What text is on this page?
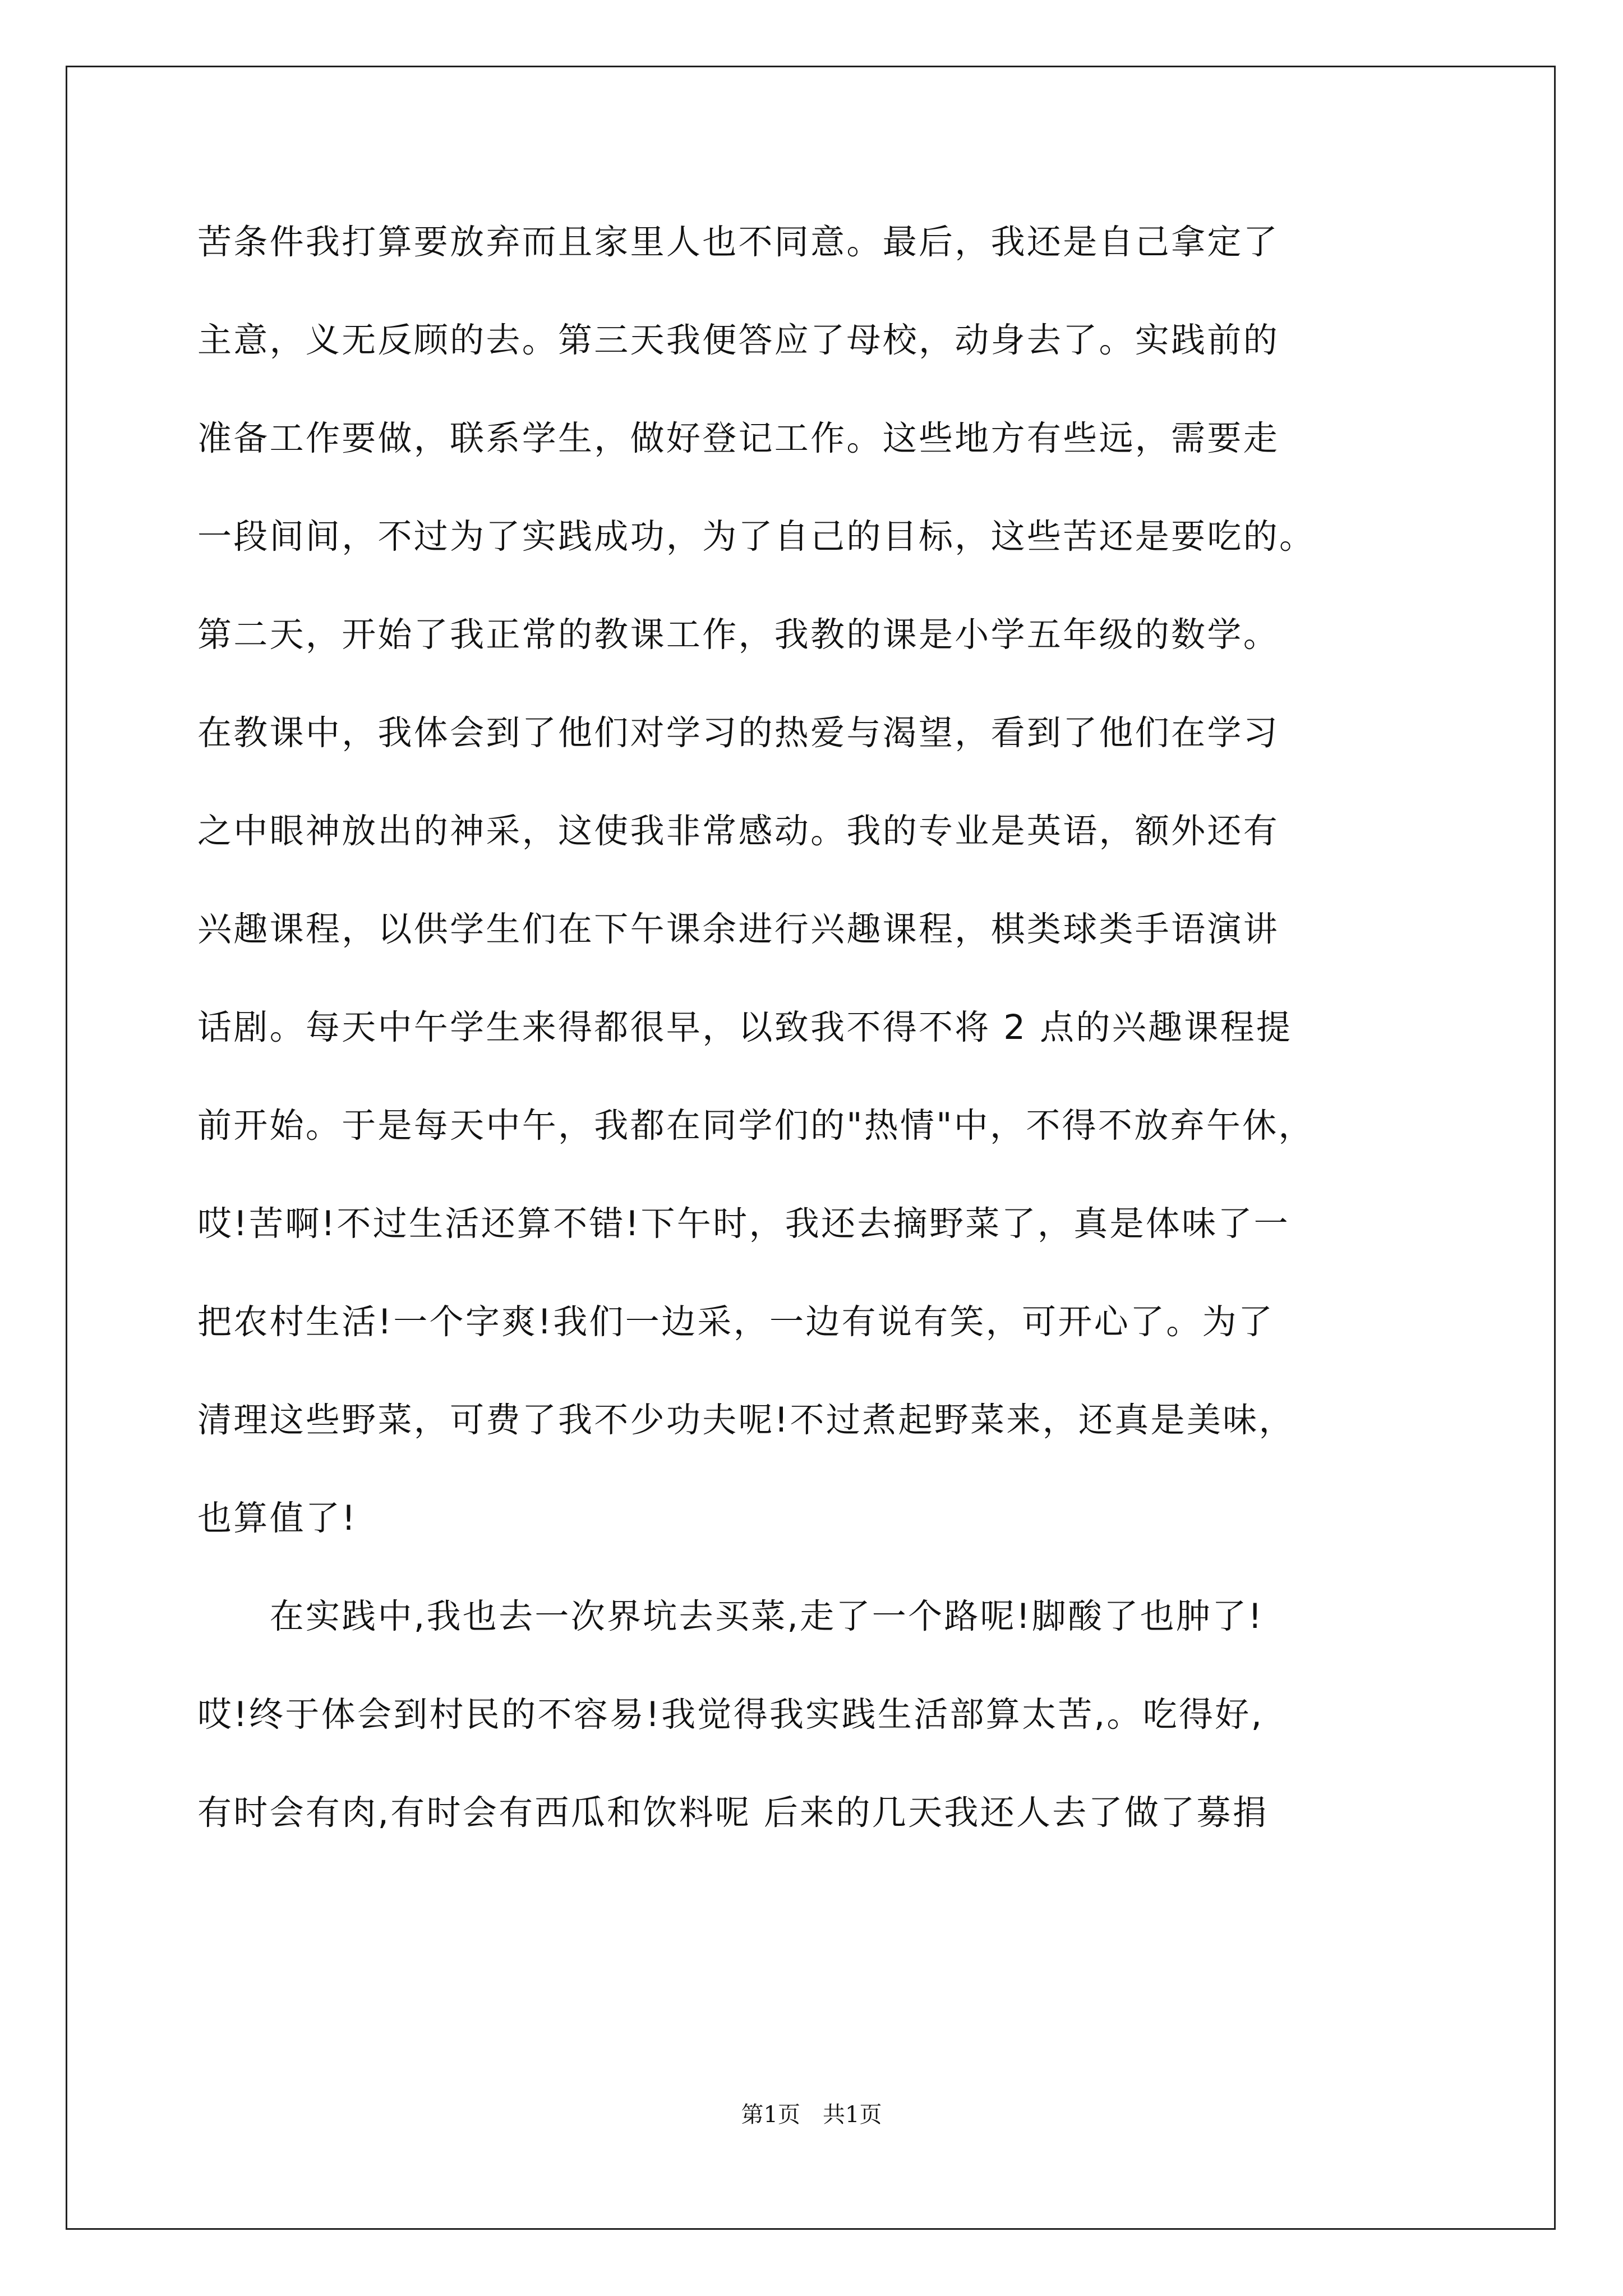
苦条件我打算要放弃而且家里人也不同意。最后，我还是自己拿定了
主意，义无反顾的去。第三天我便答应了母校，动身去了。实践前的
准备工作要做，联系学生，做好登记工作。这些地方有些远，需要走
一段间间，不过为了实践成功，为了自己的目标，这些苦还是要吃的。
第二天，开始了我正常的教课工作，我教的课是小学五年级的数学。
在教课中，我体会到了他们对学习的热爱与渴望，看到了他们在学习
之中眼神放出的神采，这使我非常感动。我的专业是英语，额外还有
兴趣课程，以供学生们在下午课余进行兴趣课程，棋类球类手语演讲
话剧。每天中午学生来得都很早，以致我不得不将 2 点的兴趣课程提
前开始。于是每天中午，我都在同学们的"热情"中，不得不放弃午休，
哎!苦啊!不过生活还算不错!下午时，我还去摘野菜了，真是体味了一
把农村生活!一个字爽!我们一边采，一边有说有笑，可开心了。为了
清理这些野菜，可费了我不少功夫呢!不过煮起野菜来，还真是美味，
也算值了!
　　在实践中,我也去一次界坑去买菜,走了一个路呢!脚酸了也肿了!
哎!终于体会到村民的不容易!我觉得我实践生活部算太苦,。吃得好,
有时会有肉,有时会有西瓜和饮料呢 后来的几天我还人去了做了募捐
第1页 共1页
